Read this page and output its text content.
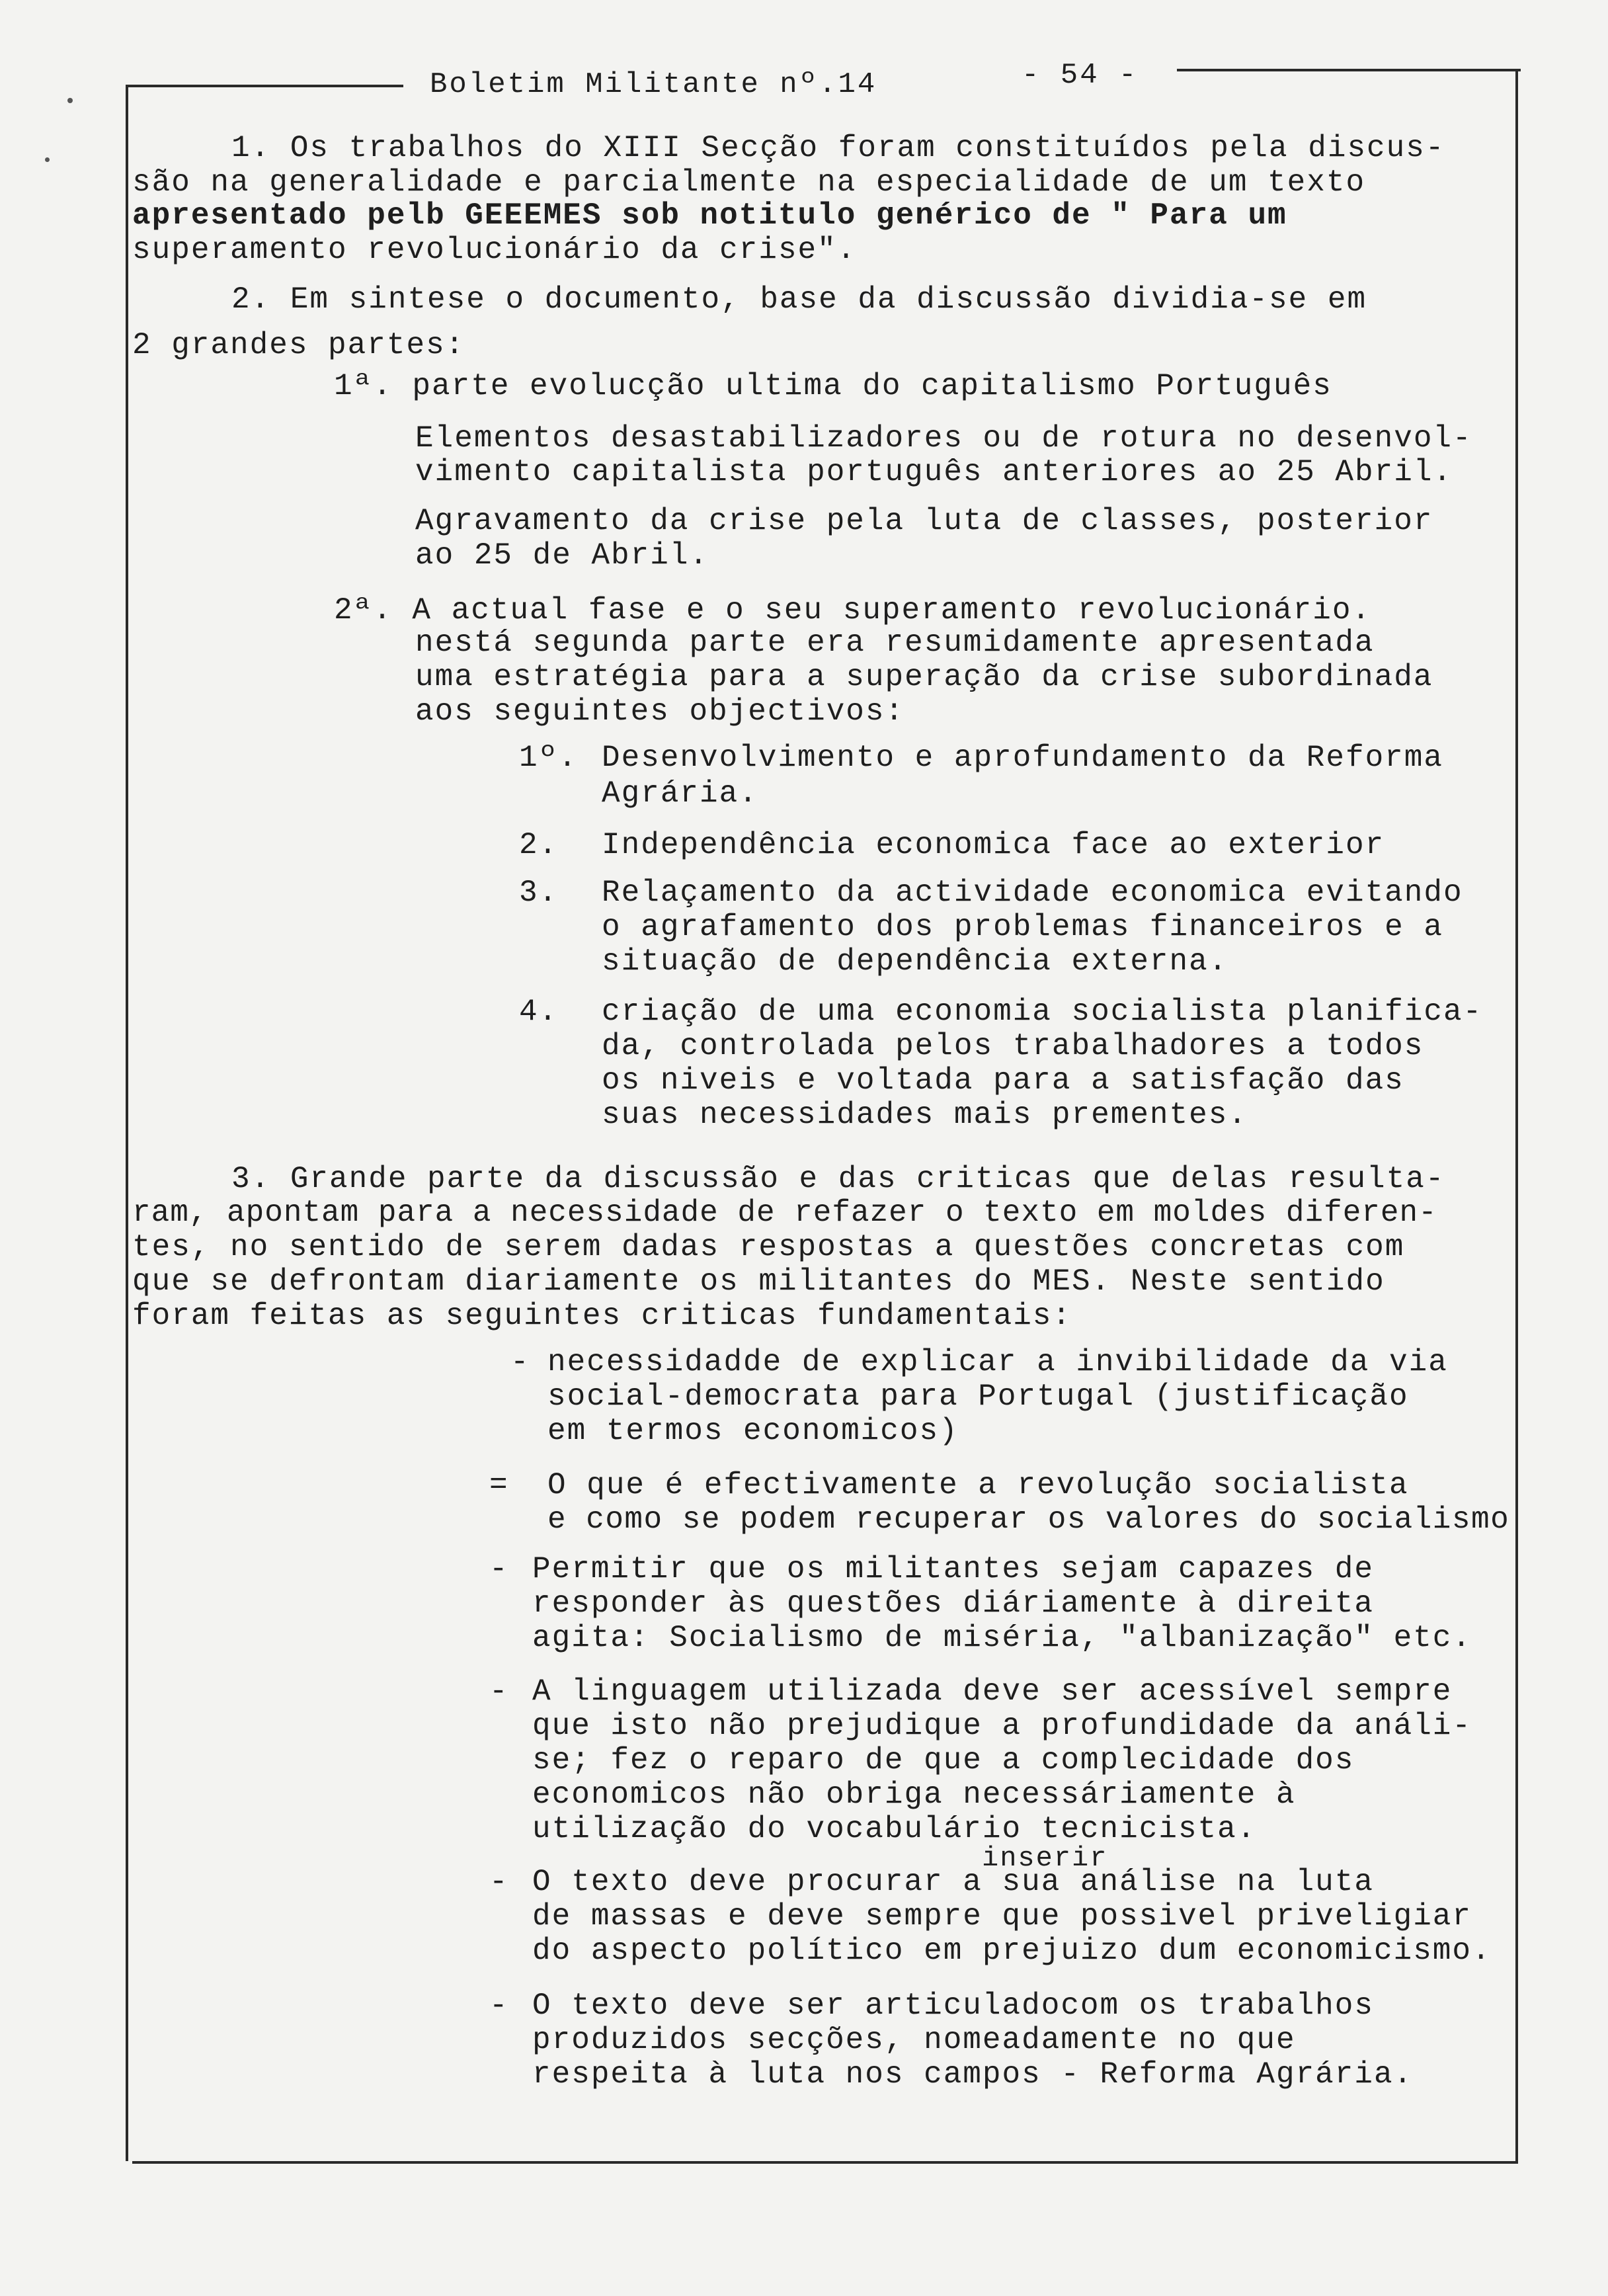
Boletim Militante nº.14	- 54 -
1. Os trabalhos do XIII Secção foram constituídos pela discus-
são na generalidade e parcialmente na especialidade de um texto
apresentado pelb GEEEMES sob notitulo genérico de " Para um
superamento revolucionário da crise".
2. Em sintese o documento, base da discussão dividia-se em
2 grandes partes:
1ª. parte evolucção ultima do capitalismo Português
Elementos desastabilizadores ou de rotura no desenvol-
vimento capitalista português anteriores ao 25 Abril.
Agravamento da crise pela luta de classes, posterior
ao 25 de Abril.
2ª. A actual fase e o seu superamento revolucionário.
nestá segunda parte era resumidamente apresentada
uma estratégia para a superação da crise subordinada
aos seguintes objectivos:
1º. Desenvolvimento e aprofundamento da Reforma
Agrária.
2. Independência economica face ao exterior
3. Relaçamento da actividade economica evitando
o agrafamento dos problemas financeiros e a
situação de dependência externa.
4. criação de uma economia socialista planifica-
da, controlada pelos trabalhadores a todos
os niveis e voltada para a satisfação das
suas necessidades mais prementes.
3. Grande parte da discussão e das criticas que delas resulta-
ram, apontam para a necessidade de refazer o texto em moldes diferen-
tes, no sentido de serem dadas respostas a questões concretas com
que se defrontam diariamente os militantes do MES. Neste sentido
foram feitas as seguintes criticas fundamentais:
- necessidadde de explicar a invibilidade da via
social-democrata para Portugal (justificação
em termos economicos)
= O que é efectivamente a revolução socialista
e como se podem recuperar os valores do socialismo
- Permitir que os militantes sejam capazes de
responder às questões diáriamente à direita
agita: Socialismo de miséria, "albanização" etc.
- A linguagem utilizada deve ser acessível sempre
que isto não prejudique a profundidade da análi-
se; fez o reparo de que a complecidade dos
economicos não obriga necessáriamente à
utilização do vocabulário tecnicista.
inserir
- O texto deve procurar a sua análise na luta
de massas e deve sempre que possivel priveligiar
do aspecto político em prejuizo dum economicismo.
- O texto deve ser articuladocom os trabalhos
produzidos secções, nomeadamente no que
respeita à luta nos campos - Reforma Agrária.
